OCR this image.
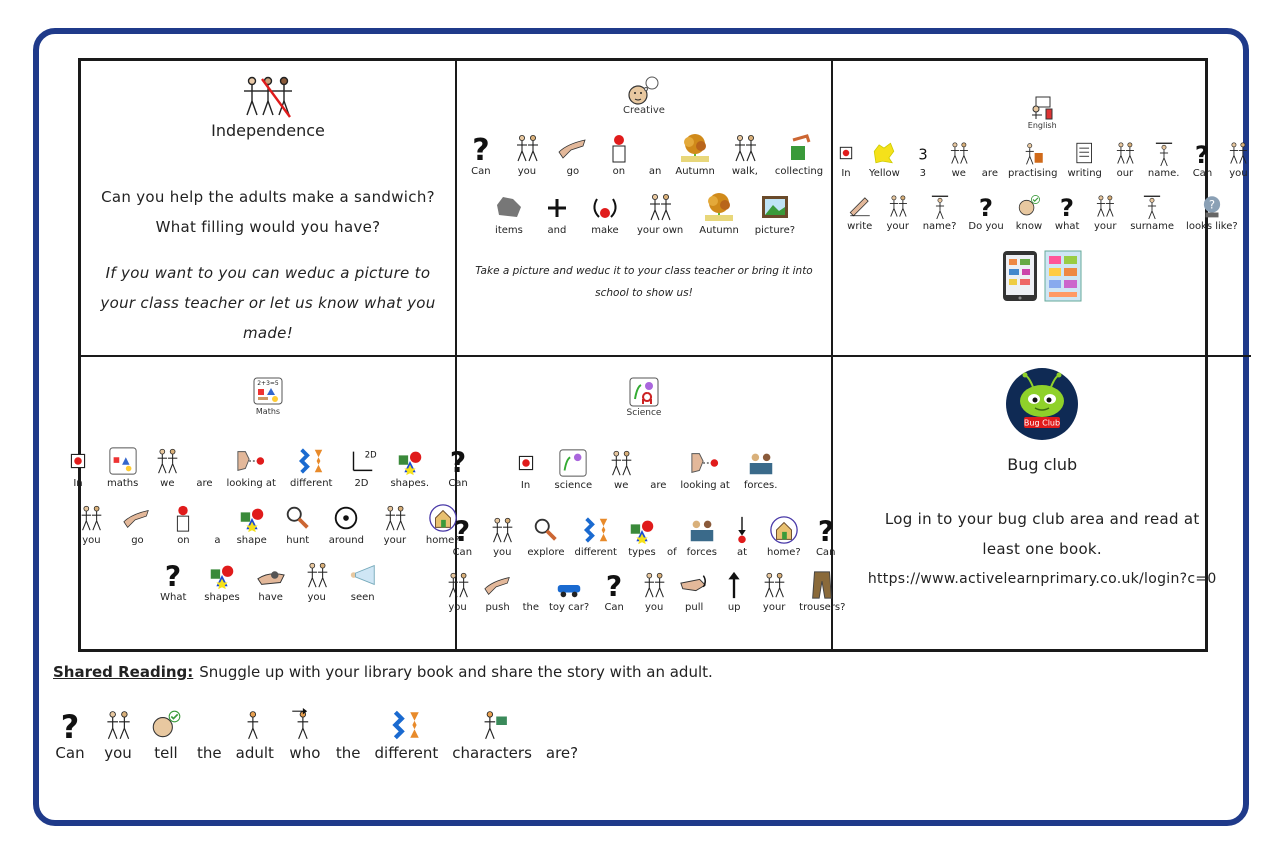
Independence
Can you help the adults make a sandwich?
What filling would you have?
If you want to you can weduc a picture to
your class teacher or let us know what you
made!
Creative
?
Can	you	go	on an Autumn walk, collecting
items and make your own Autumn picture?
Take a picture and weduc it to your class teacher or bring it into
school to show us!
English
In Yellow
3
3	we are practising writing our name.
?
Can you
write your name?
?
Do you know
?
what your surname
?
looks like?
2+3=5
Maths
In maths we are looking at different
2D
2D shapes.
?
Can
you	go	on a shape hunt around your home?
?
What shapes have you seen
Science
In science we are looking at forces.
?
Can you explore different types of forces at home?
?
Can
you push the toy car?
?
Can you pull up your trousers?
Bug Club
Bug club
Log in to your bug club area and read at
least one book.
https://www.activelearnprimary.co.uk/login?c=0
Shared Reading: Snuggle up with your library book and share the story with an adult.
?
Can you tell the adult who the different characters are?
